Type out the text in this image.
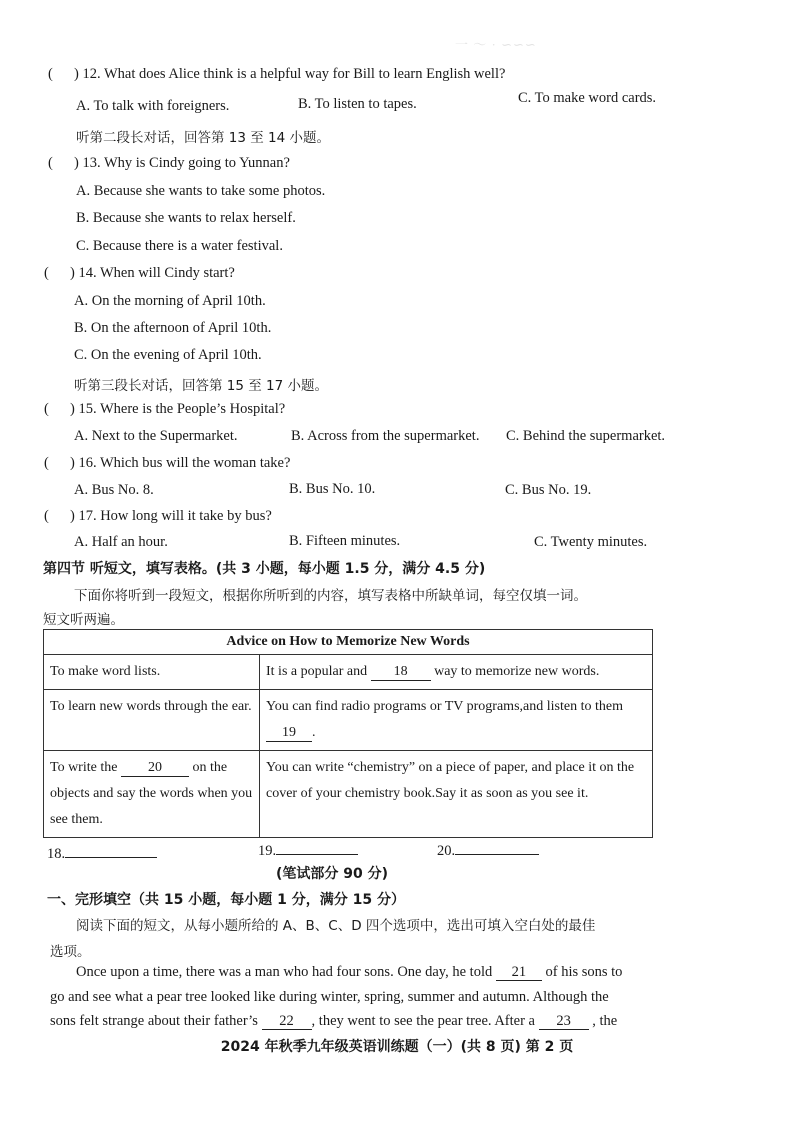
一 ～ · ∽∽∽
( ) 12. What does Alice think is a helpful way for Bill to learn English well?
A. To talk with foreigners.	B. To listen to tapes.	C. To make word cards.
听第二段长对话，回答第 13 至 14 小题。
( ) 13. Why is Cindy going to Yunnan?
A. Because she wants to take some photos.
B. Because she wants to relax herself.
C. Because there is a water festival.
( ) 14. When will Cindy start?
A. On the morning of April 10th.
B. On the afternoon of April 10th.
C. On the evening of April 10th.
听第三段长对话，回答第 15 至 17 小题。
( ) 15. Where is the People’s Hospital?
A. Next to the Supermarket.	B. Across from the supermarket. C. Behind the supermarket.
( ) 16. Which bus will the woman take?
A. Bus No. 8.	B. Bus No. 10.	C. Bus No. 19.
( ) 17. How long will it take by bus?
A. Half an hour.	B. Fifteen minutes.	C. Twenty minutes.
第四节 听短文，填写表格。(共 3 小题，每小题 1.5 分，满分 4.5 分)
下面你将听到一段短文，根据你所听到的内容，填写表格中所缺单词，每空仅填一词。
短文听两遍。
Advice on How to Memorize New Words	
To make word lists.	It is a popular and 18 way to memorize new words.
To learn new words through the ear.	You can find radio programs or TV programs,and listen to them 19 .
To write the 20 on the objects and say the words when you see them.	You can write “chemistry” on a piece of paper, and place it on the cover of your chemistry book.Say it as soon as you see it.
18.	19.	20.
(笔试部分 90 分)
一、完形填空（共 15 小题，每小题 1 分，满分 15 分）
阅读下面的短文，从每小题所给的 A、B、C、D 四个选项中，选出可填入空白处的最佳
选项。
Once upon a time, there was a man who had four sons. One day, he told 21 of his sons to
go and see what a pear tree looked like during winter, spring, summer and autumn. Although the
sons felt strange about their father’s 22 , they went to see the pear tree. After a 23 , the
2024 年秋季九年级英语训练题（一）(共 8 页) 第 2 页
